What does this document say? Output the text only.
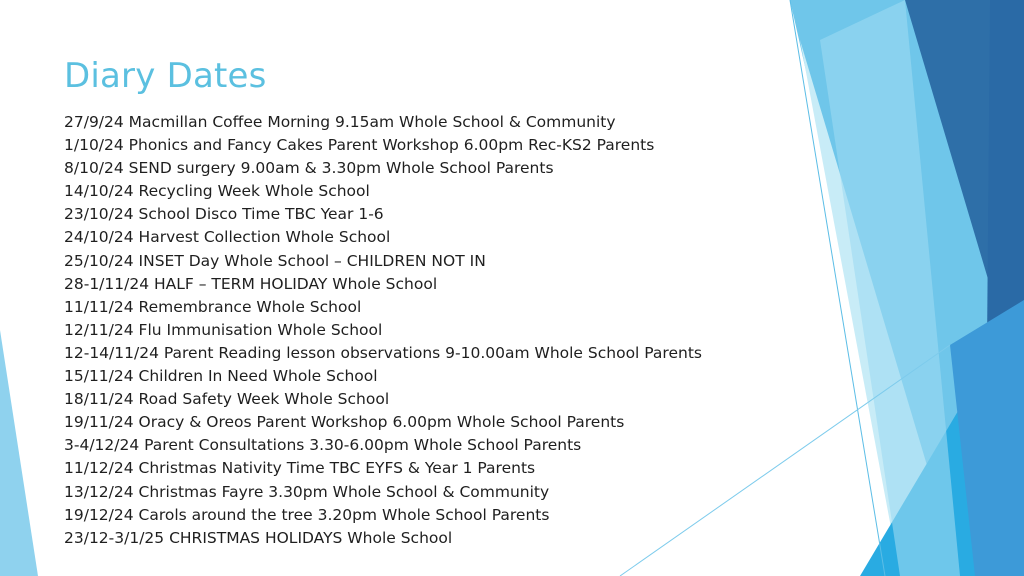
Diary Dates
27/9/24 Macmillan Coffee Morning 9.15am Whole School & Community
1/10/24 Phonics and Fancy Cakes Parent Workshop 6.00pm Rec-KS2 Parents
8/10/24 SEND surgery 9.00am & 3.30pm Whole School Parents
14/10/24 Recycling Week Whole School
23/10/24 School Disco Time TBC Year 1-6
24/10/24 Harvest Collection Whole School
25/10/24 INSET Day Whole School – CHILDREN NOT IN
28-1/11/24 HALF – TERM HOLIDAY Whole School
11/11/24 Remembrance Whole School
12/11/24 Flu Immunisation Whole School
12-14/11/24 Parent Reading lesson observations 9-10.00am Whole School Parents
15/11/24 Children In Need Whole School
18/11/24 Road Safety Week Whole School
19/11/24 Oracy & Oreos Parent Workshop 6.00pm Whole School Parents
3-4/12/24 Parent Consultations 3.30-6.00pm Whole School Parents
11/12/24 Christmas Nativity Time TBC EYFS & Year 1 Parents
13/12/24 Christmas Fayre 3.30pm Whole School & Community
19/12/24 Carols around the tree 3.20pm Whole School Parents
23/12-3/1/25 CHRISTMAS HOLIDAYS Whole School
